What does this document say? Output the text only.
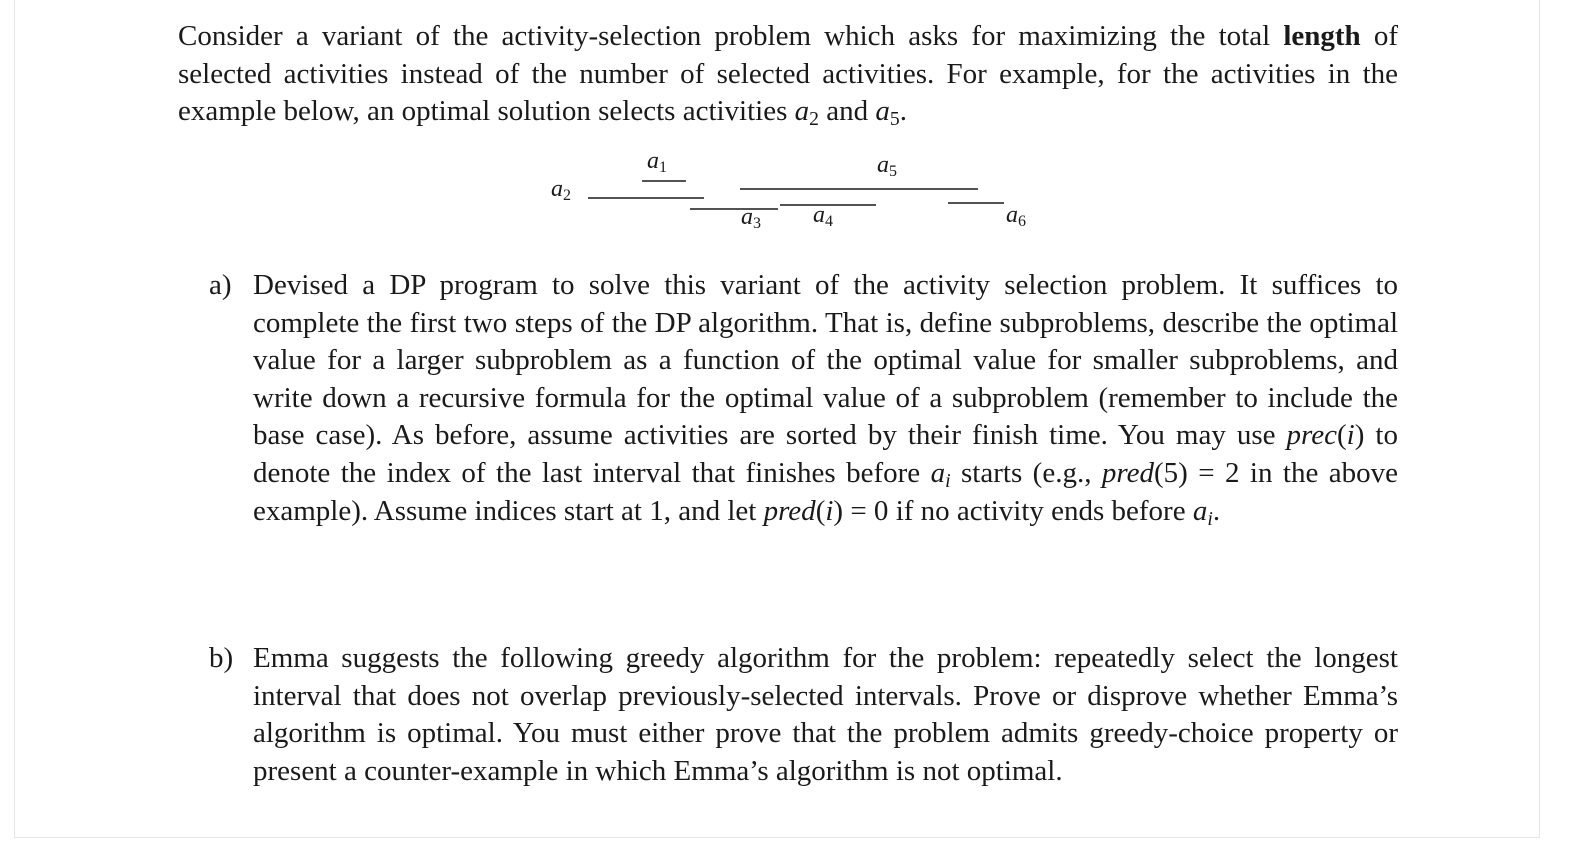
Consider a variant of the activity-selection problem which asks for maximizing the total length of selected activities instead of the number of selected activities. For example, for the activities in the example below, an optimal solution selects activities $a_2$ and $a_5$.
a1
a2
a3 a4
a5
a6
a) Devised a DP program to solve this variant of the activity selection problem. It suffices to complete the first two steps of the DP algorithm. That is, define subproblems, describe the optimal value for a larger subproblem as a function of the optimal value for smaller subproblems, and write down a recursive formula for the optimal value of a subproblem (remember to include the base case). As before, assume activities are sorted by their finish time. You may use prec(i) to denote the index of the last interval that finishes before $a_i$ starts (e.g., pred(5) = 2 in the above example). Assume indices start at 1, and let pred(i) = 0 if no activity ends before $a_i$.
b) Emma suggests the following greedy algorithm for the problem: repeatedly select the longest interval that does not overlap previously-selected intervals. Prove or disprove whether Emma’s algorithm is optimal. You must either prove that the problem admits greedy-choice property or present a counter-example in which Emma’s algorithm is not optimal.
